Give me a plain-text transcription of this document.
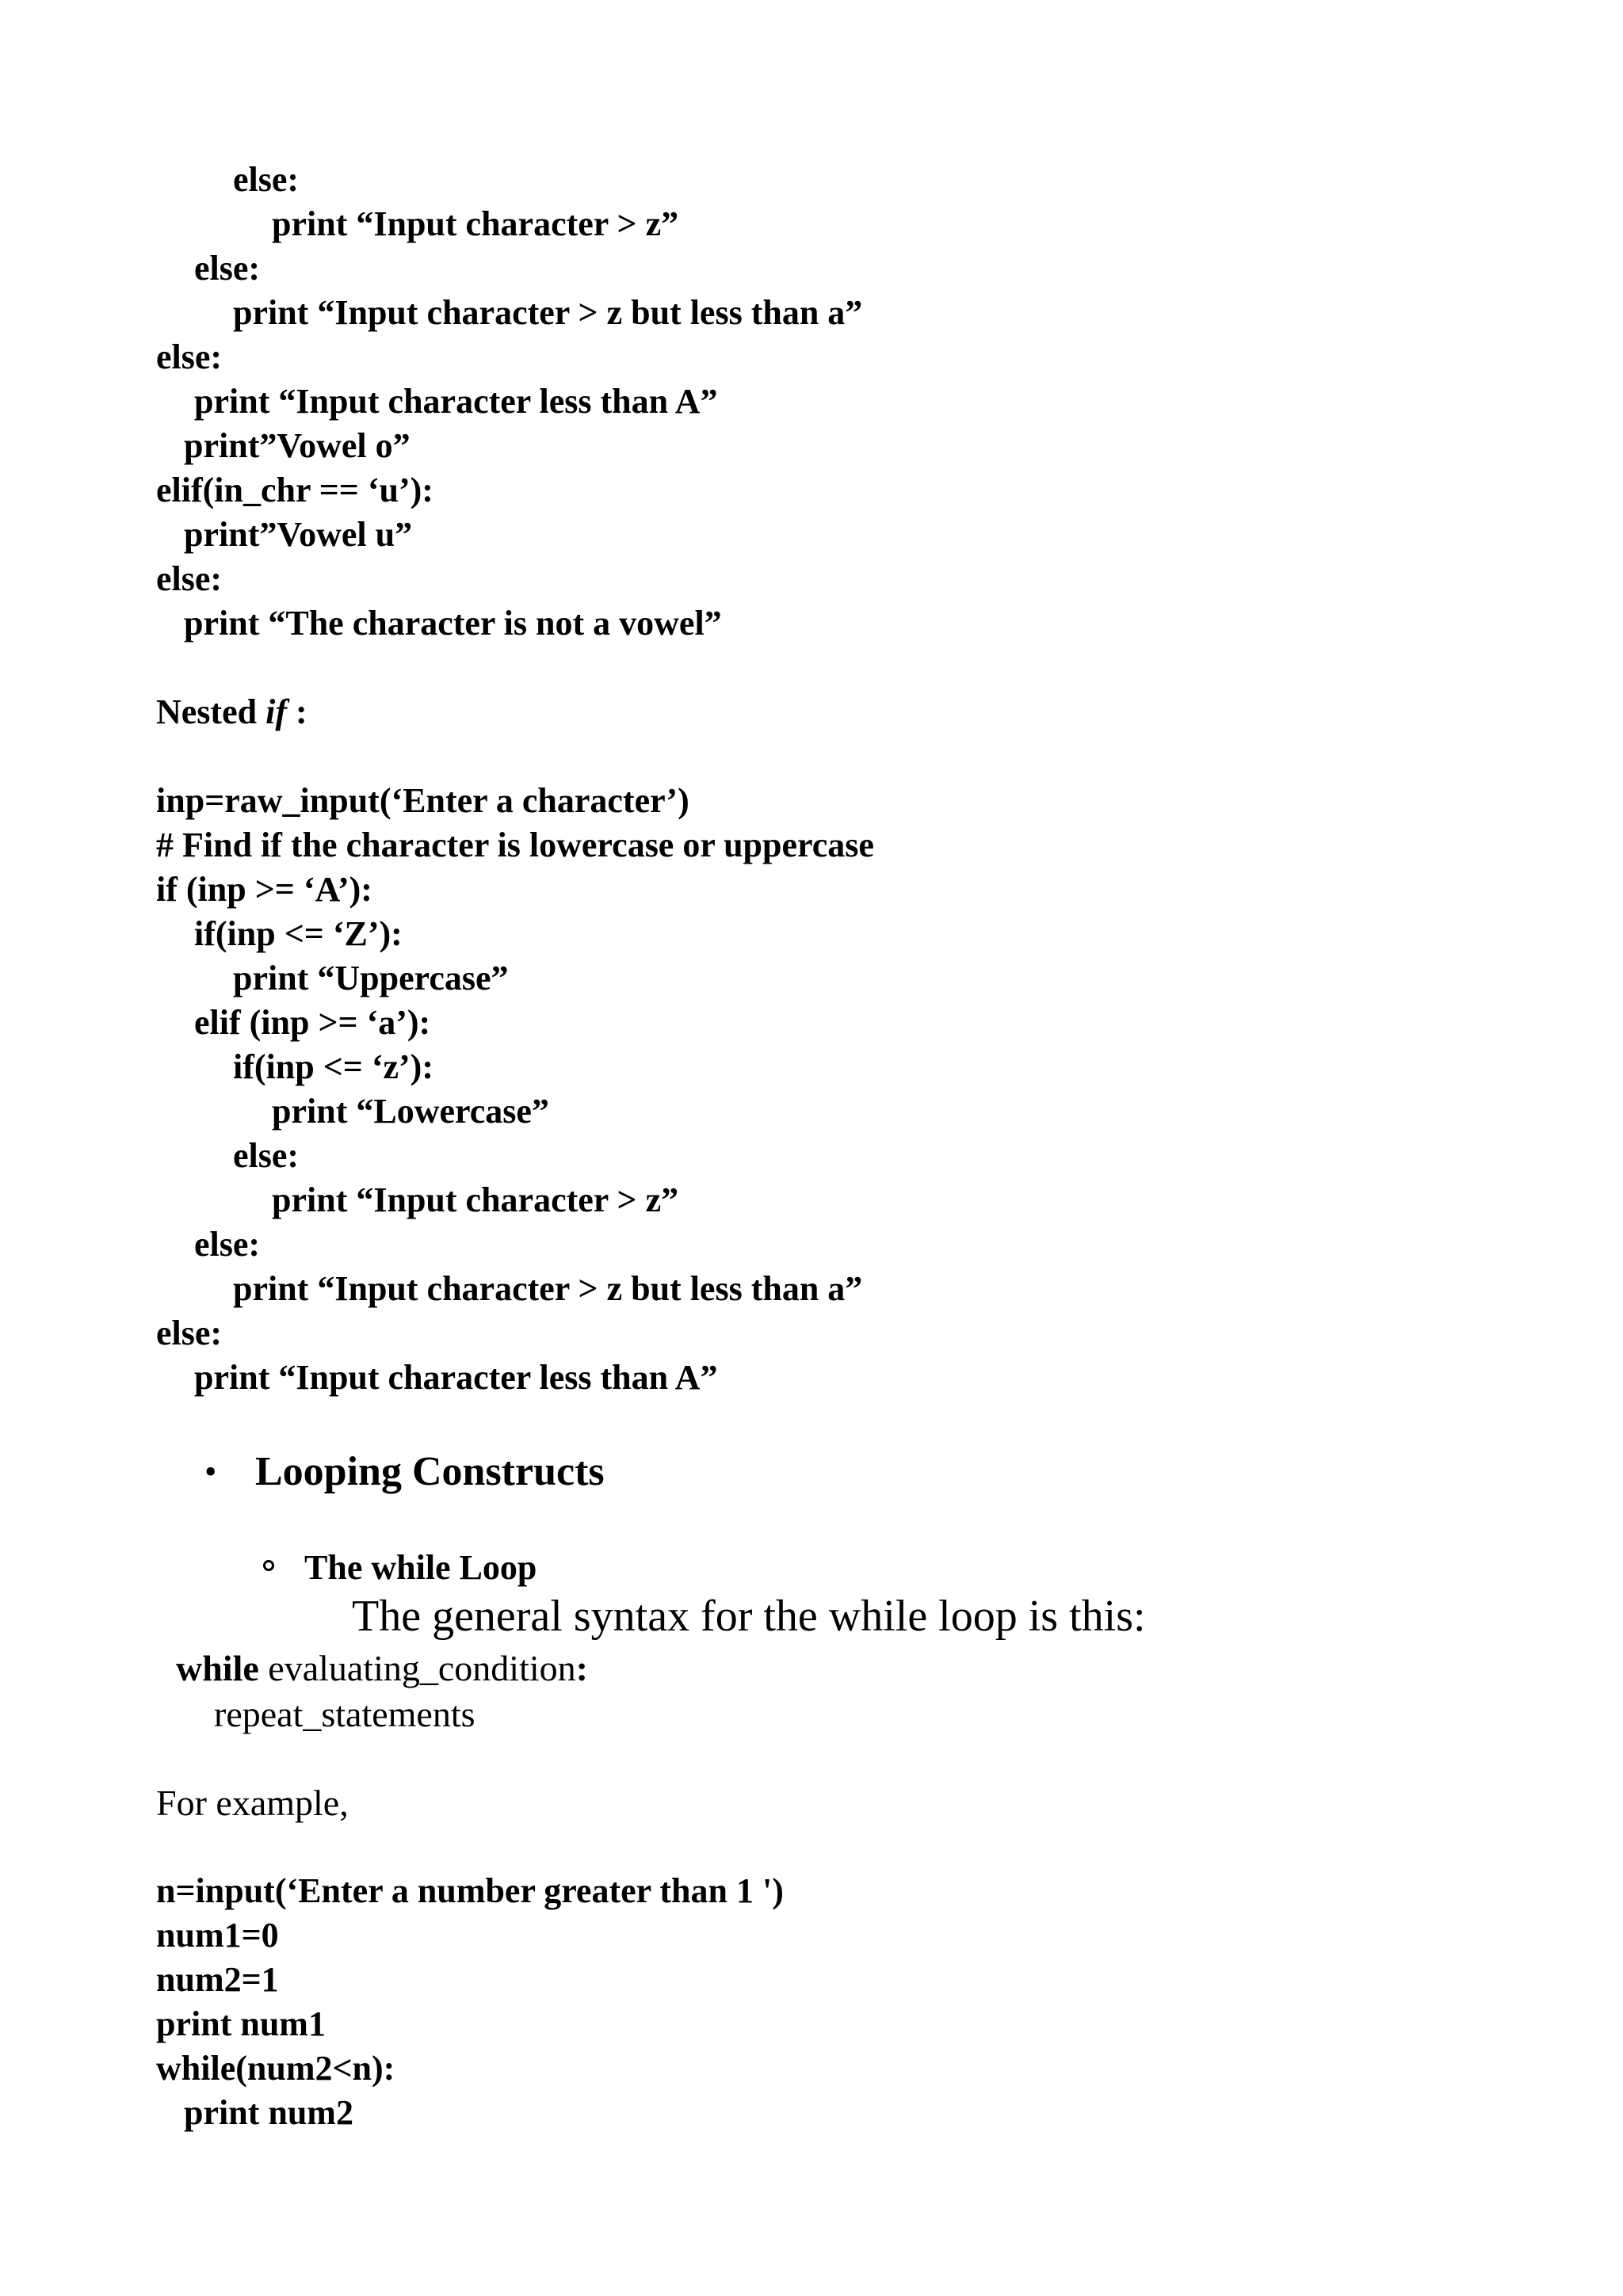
else:
print “Input character > z”
else:
print “Input character > z but less than a”
else:
print “Input character less than A”
print”Vowel o”
elif(in_chr == ‘u’):
print”Vowel u”
else:
print “The character is not a vowel”
Nested if :
inp=raw_input(‘Enter a character’)
# Find if the character is lowercase or uppercase
if (inp >= ‘A’):
if(inp <= ‘Z’):
print “Uppercase”
elif (inp >= ‘a’):
if(inp <= ‘z’):
print “Lowercase”
else:
print “Input character > z”
else:
print “Input character > z but less than a”
else:
print “Input character less than A”
• Looping Constructs
The while Loop
The general syntax for the while loop is this:
while evaluating_condition:
repeat_statements
For example,
n=input(‘Enter a number greater than 1 ')
num1=0
num2=1
print num1
while(num2<n):
print num2
